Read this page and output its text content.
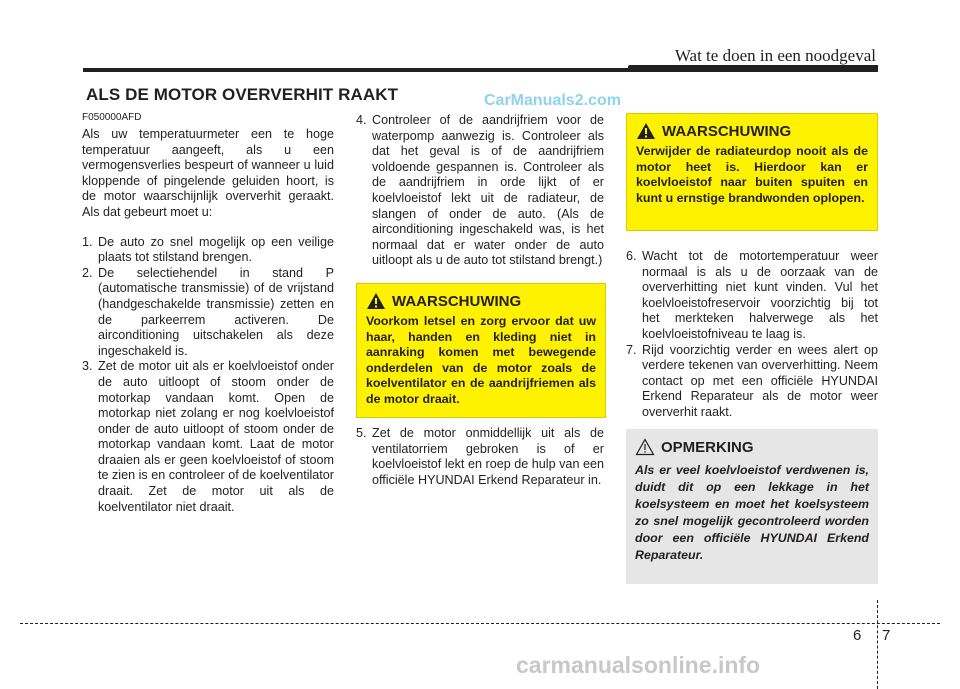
Wat te doen in een noodgeval
ALS DE MOTOR OVERVERHIT RAAKT	CarManuals2.com
F050000AFD

Als uw temperatuurmeter een te hoge temperatuur aangeeft, als u een vermogensverlies bespeurt of wanneer u luid kloppende of pingelende geluiden hoort, is de motor waarschijnlijk oververhit geraakt. Als dat gebeurt moet u:

1. De auto zo snel mogelijk op een veilige plaats tot stilstand brengen.
2. De selectiehendel in stand P (automatische transmissie) of de vrijstand (handgeschakelde transmissie) zetten en de parkeerrem activeren. De airconditioning uitschakelen als deze ingeschakeld is.
3. Zet de motor uit als er koelvloeistof onder de auto uitloopt of stoom onder de motorkap vandaan komt. Open de motorkap niet zolang er nog koelvloeistof onder de auto uitloopt of stoom onder de motorkap vandaan komt. Laat de motor draaien als er geen koelvloeistof of stoom te zien is en controleer of de koelventilator draait. Zet de motor uit als de koelventilator niet draait.
4. Controleer of de aandrijfriem voor de waterpomp aanwezig is. Controleer als dat het geval is of de aandrijfriem voldoende gespannen is. Controleer als de aandrijfriem in orde lijkt of er koelvloeistof lekt uit de radiateur, de slangen of onder de auto. (Als de airconditioning ingeschakeld was, is het normaal dat er water onder de auto uitloopt als u de auto tot stilstand brengt.)
5. Zet de motor onmiddellijk uit als de ventilatorriem gebroken is of er koelvloeistof lekt en roep de hulp van een officiële HYUNDAI Erkend Reparateur in.
WAARSCHUWING
Voorkom letsel en zorg ervoor dat uw haar, handen en kleding niet in aanraking komen met bewegende onderdelen van de motor zoals de koelventilator en de aandrijfriemen als de motor draait.
WAARSCHUWING
Verwijder de radiateurdop nooit als de motor heet is. Hierdoor kan er koelvloeistof naar buiten spuiten en kunt u ernstige brandwonden oplopen.
6. Wacht tot de motortemperatuur weer normaal is als u de oorzaak van de oververhitting niet kunt vinden. Vul het koelvloeistofreservoir voorzichtig bij tot het merkteken halverwege als het koelvloeistofniveau te laag is.
7. Rijd voorzichtig verder en wees alert op verdere tekenen van oververhitting. Neem contact op met een officiële HYUNDAI Erkend Reparateur als de motor weer oververhit raakt.
OPMERKING
Als er veel koelvloeistof verdwenen is, duidt dit op een lekkage in het koelsysteem en moet het koelsysteem zo snel mogelijk gecontroleerd worden door een officiële HYUNDAI Erkend Reparateur.
6 7
carmanualsonline.info
